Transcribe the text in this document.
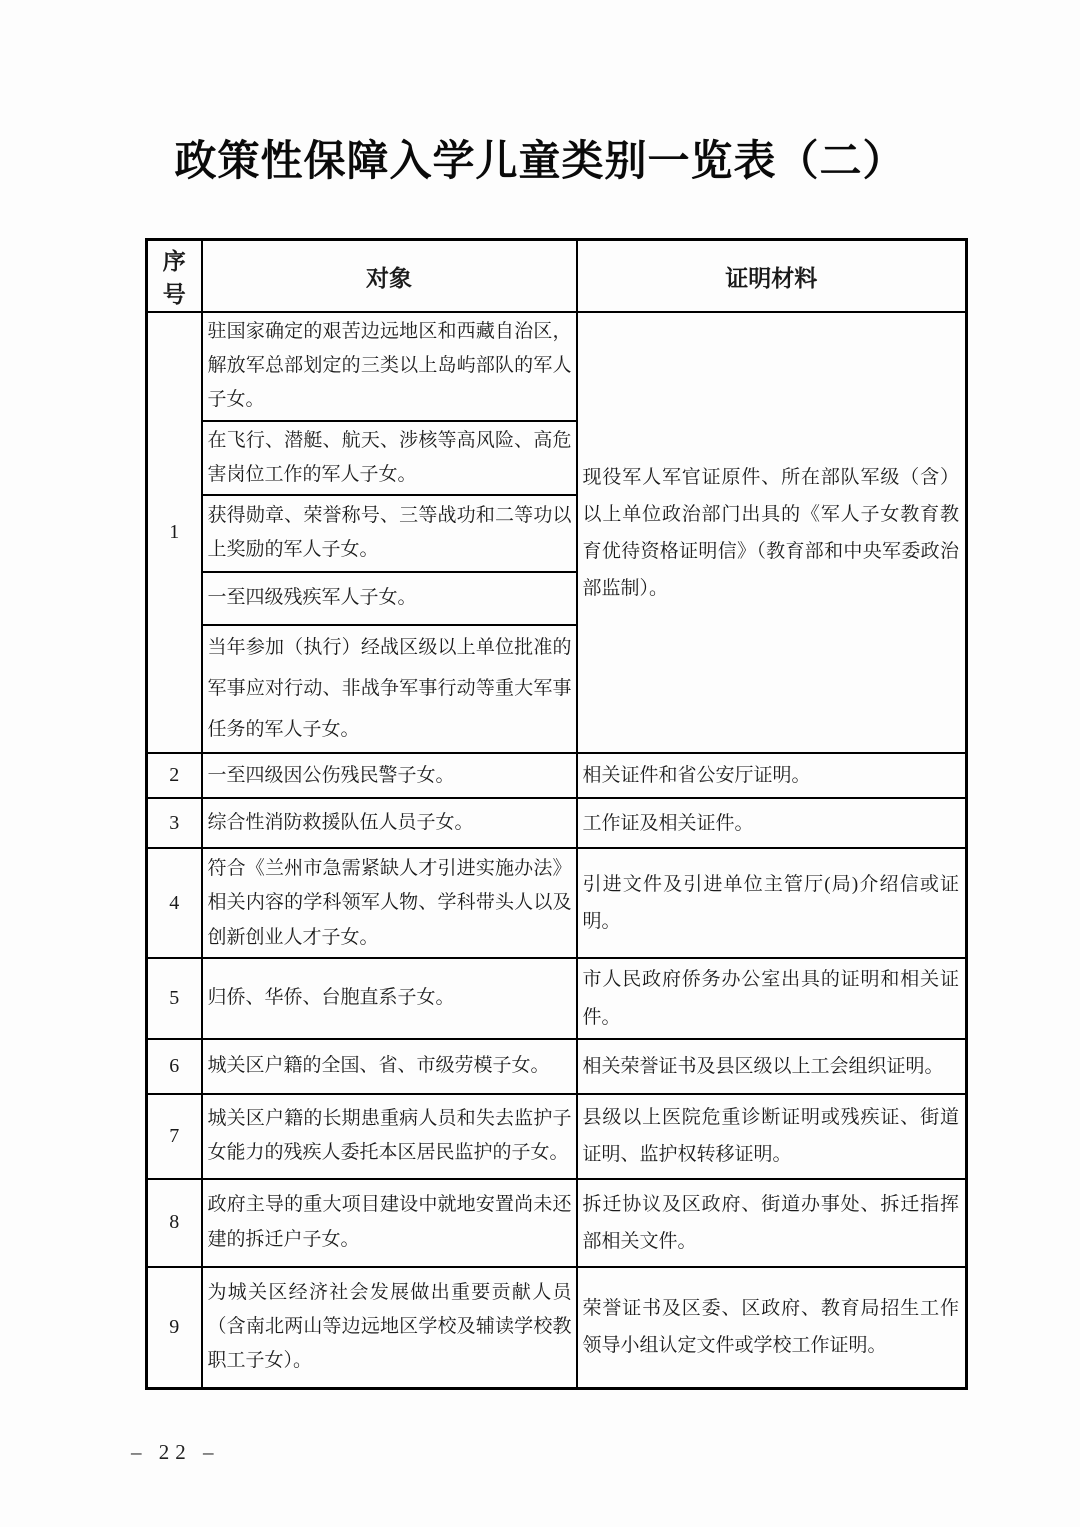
政策性保障入学儿童类别一览表（二）
序号	对象	证明材料
1	驻国家确定的艰苦边远地区和西藏自治区，解放军总部划定的三类以上岛屿部队的军人子女。	现役军人军官证原件、所在部队军级（含）以上单位政治部门出具的《军人子女教育教育优待资格证明信》（教育部和中央军委政治部监制）。
	在飞行、潜艇、航天、涉核等高风险、高危害岗位工作的军人子女。	
	获得勋章、荣誉称号、三等战功和二等功以上奖励的军人子女。	
	一至四级残疾军人子女。	
	当年参加（执行）经战区级以上单位批准的军事应对行动、非战争军事行动等重大军事任务的军人子女。	
2	一至四级因公伤残民警子女。	相关证件和省公安厅证明。
3	综合性消防救援队伍人员子女。	工作证及相关证件。
4	符合《兰州市急需紧缺人才引进实施办法》相关内容的学科领军人物、学科带头人以及创新创业人才子女。	引进文件及引进单位主管厅(局)介绍信或证明。
5	归侨、华侨、台胞直系子女。	市人民政府侨务办公室出具的证明和相关证件。
6	城关区户籍的全国、省、市级劳模子女。	相关荣誉证书及县区级以上工会组织证明。
7	城关区户籍的长期患重病人员和失去监护子女能力的残疾人委托本区居民监护的子女。	县级以上医院危重诊断证明或残疾证、街道证明、监护权转移证明。
8	政府主导的重大项目建设中就地安置尚未还建的拆迁户子女。	拆迁协议及区政府、街道办事处、拆迁指挥部相关文件。
9	为城关区经济社会发展做出重要贡献人员（含南北两山等边远地区学校及辅读学校教职工子女）。	荣誉证书及区委、区政府、教育局招生工作领导小组认定文件或学校工作证明。
– 22 –
